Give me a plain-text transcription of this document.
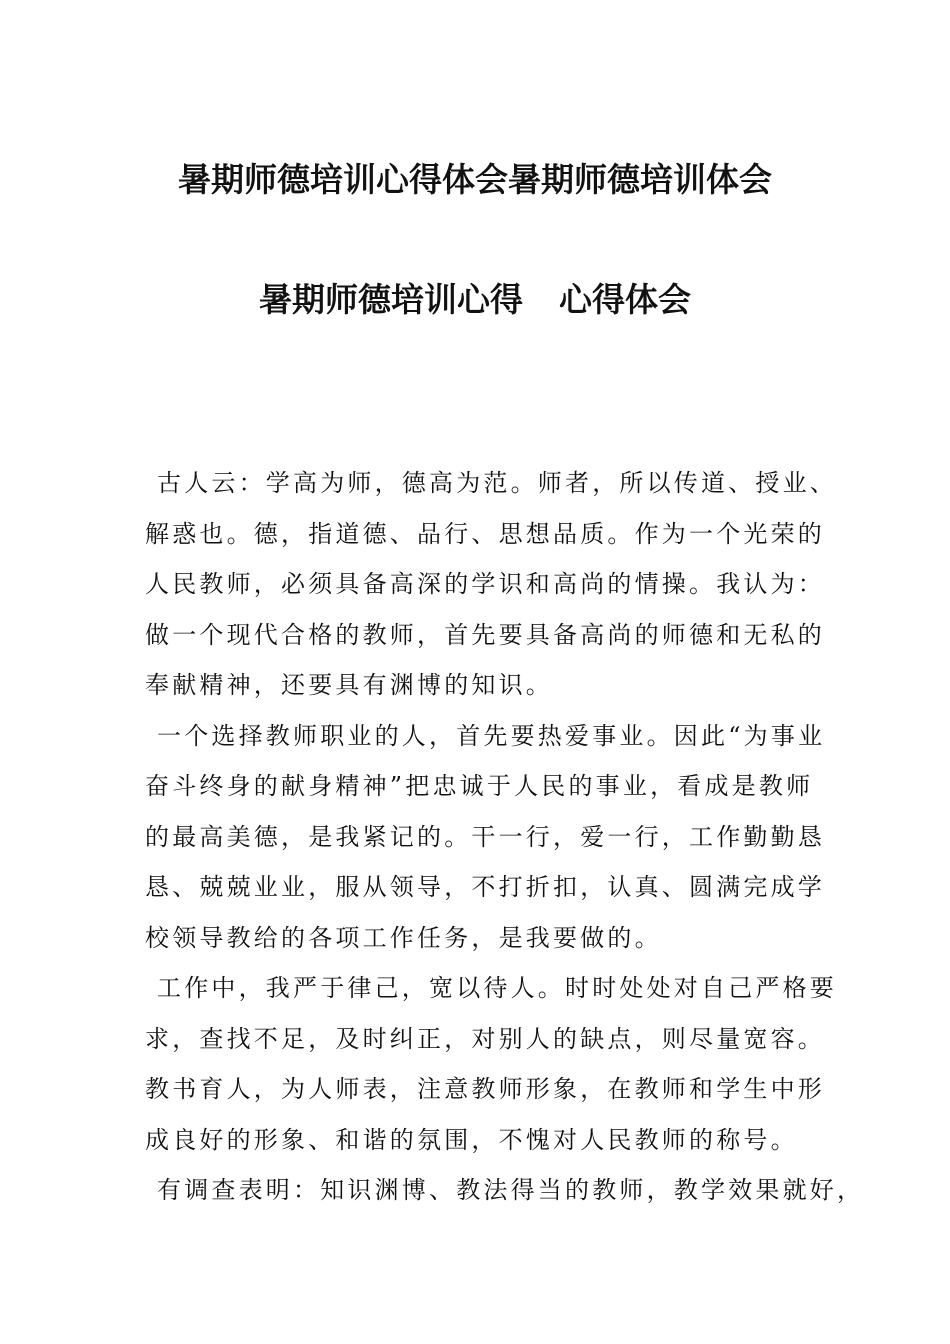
暑期师德培训心得体会暑期师德培训体会
暑期师德培训心得 心得体会
古人云：学高为师，德高为范。师者，所以传道、授业、
解惑也。德，指道德、品行、思想品质。作为一个光荣的
人民教师，必须具备高深的学识和高尚的情操。我认为：
做一个现代合格的教师，首先要具备高尚的师德和无私的
奉献精神，还要具有渊博的知识。
一个选择教师职业的人，首先要热爱事业。因此“为事业
奋斗终身的献身精神”把忠诚于人民的事业，看成是教师
的最高美德，是我紧记的。干一行，爱一行，工作勤勤恳
恳、兢兢业业，服从领导，不打折扣，认真、圆满完成学
校领导教给的各项工作任务，是我要做的。
工作中，我严于律己，宽以待人。时时处处对自己严格要
求，查找不足，及时纠正，对别人的缺点，则尽量宽容。
教书育人，为人师表，注意教师形象，在教师和学生中形
成良好的形象、和谐的氛围，不愧对人民教师的称号。
有调查表明：知识渊博、教法得当的教师，教学效果就好，
